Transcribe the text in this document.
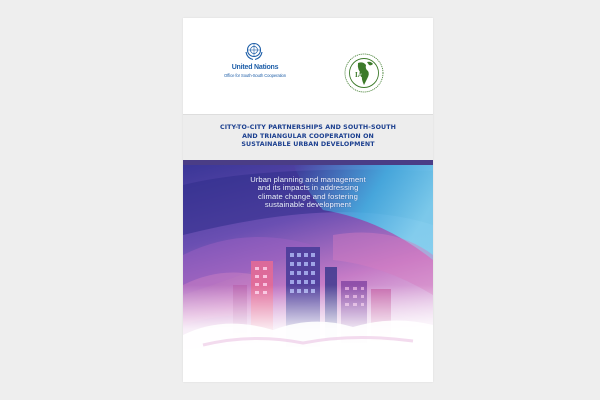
United Nations
Office for South-South Cooperation	IAT
CITY-TO-CITY PARTNERSHIPS AND SOUTH-SOUTH
AND TRIANGULAR COOPERATION ON
SUSTAINABLE URBAN DEVELOPMENT
Urban planning and management
and its impacts in addressing
climate change and fostering
sustainable development
